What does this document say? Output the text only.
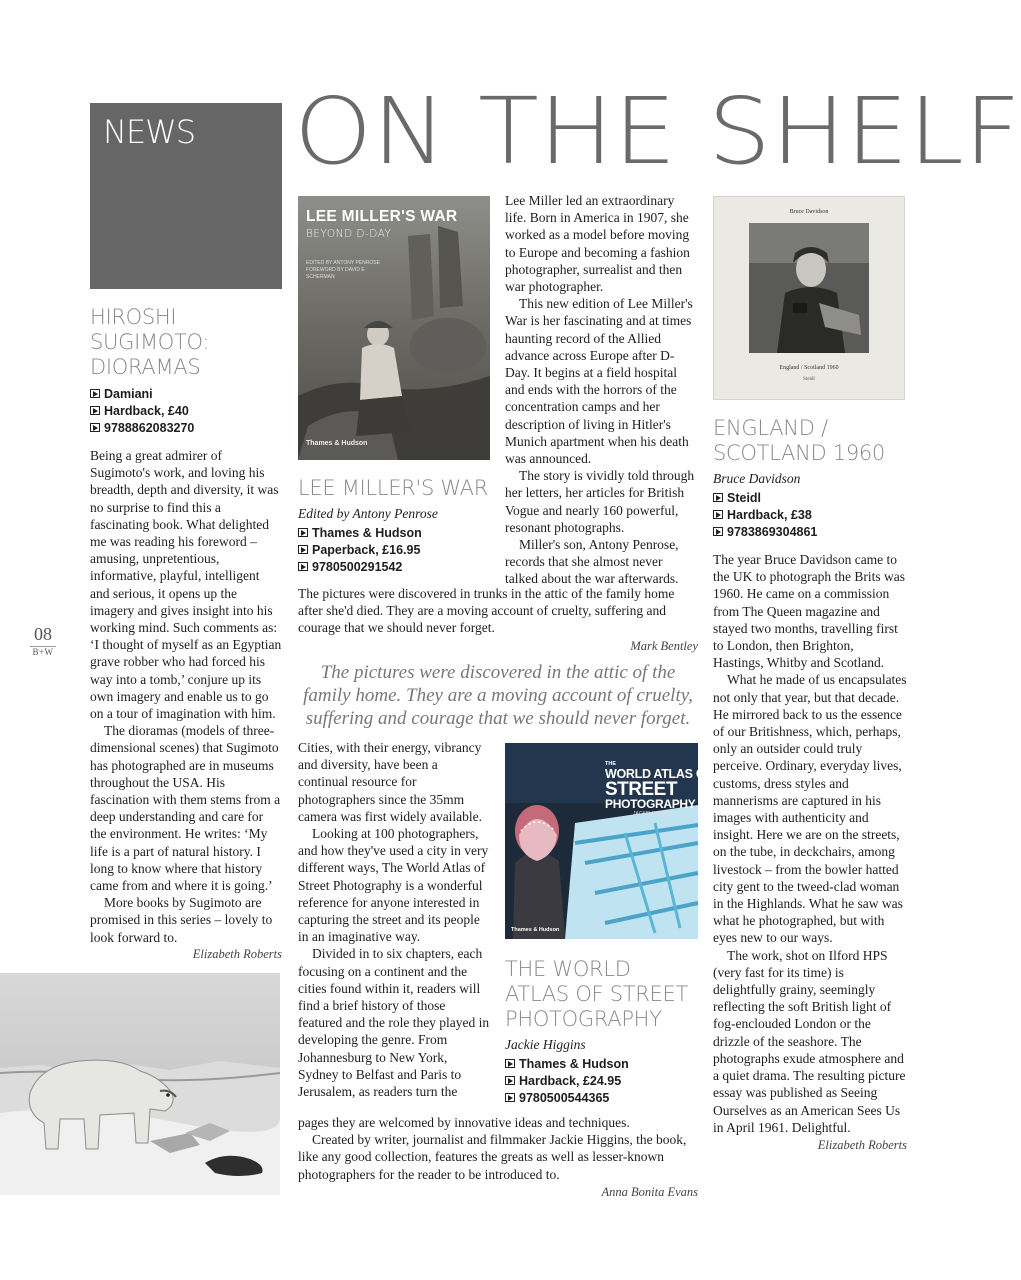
NEWS ON THE SHELF
08
B+W
HIROSHI SUGIMOTO:
DIORAMAS
Damiani
Hardback, £40
9788862083270

Being a great admirer of Sugimoto's work, and loving his breadth, depth and diversity, it was no surprise to find this a fascinating book. What delighted me was reading his foreword – amusing, unpretentious, informative, playful, intelligent and serious, it opens up the imagery and gives insight into his working mind. Such comments as: ‘I thought of myself as an Egyptian grave robber who had forced his way into a tomb,’ conjure up its own imagery and enable us to go on a tour of imagination with him.

The dioramas (models of three-dimensional scenes) that Sugimoto has photographed are in museums throughout the USA. His fascination with them stems from a deep understanding and care for the environment. He writes: ‘My life is a part of natural history. I long to know where that history came from and where it is going.’

More books by Sugimoto are promised in this series – lovely to look forward to.

Elizabeth Roberts
LEE MILLER'S WAR
BEYOND D-DAY
EDITED BY ANTONY PENROSE
FOREWORD BY DAVID E SCHERMAN
Thames & Hudson
LEE MILLER'S WAR
Edited by Antony Penrose
Thames & Hudson
Paperback, £16.95
9780500291542

Lee Miller led an extraordinary life. Born in America in 1907, she worked as a model before moving to Europe and becoming a fashion photographer, surrealist and then war photographer.

This new edition of Lee Miller's War is her fascinating and at times haunting record of the Allied advance across Europe after D-Day. It begins at a field hospital and ends with the horrors of the concentration camps and her description of living in Hitler's Munich apartment when his death was announced.

The story is vividly told through her letters, her articles for British Vogue and nearly 160 powerful, resonant photographs.

Miller's son, Antony Penrose, records that she almost never talked about the war afterwards.

The pictures were discovered in trunks in the attic of the family home after she'd died. They are a moving account of cruelty, suffering and courage that we should never forget.

Mark Bentley
The pictures were discovered in the attic of the family home. They are a moving account of cruelty, suffering and courage that we should never forget.

Cities, with their energy, vibrancy and diversity, have been a continual resource for photographers since the 35mm camera was first widely available.

Looking at 100 photographers, and how they've used a city in very different ways, The World Atlas of Street Photography is a wonderful reference for anyone interested in capturing the street and its people in an imaginative way.

Divided in to six chapters, each focusing on a continent and the cities found within it, readers will find a brief history of those featured and the role they played in developing the genre. From Johannesburg to New York, Sydney to Belfast and Paris to Jerusalem, as readers turn the

THE
WORLD ATLAS OF
STREET
PHOTOGRAPHY
JACKIE HIGGINS
Thames & Hudson
THE WORLD
ATLAS OF STREET
PHOTOGRAPHY
Jackie Higgins
Thames & Hudson
Hardback, £24.95
9780500544365

pages they are welcomed by innovative ideas and techniques.

Created by writer, journalist and filmmaker Jackie Higgins, the book, like any good collection, features the greats as well as lesser-known photographers for the reader to be introduced to.

Anna Bonita Evans
Bruce Davidson
England / Scotland 1960
Steidl
ENGLAND /
SCOTLAND 1960
Bruce Davidson
Steidl
Hardback, £38
9783869304861

The year Bruce Davidson came to the UK to photograph the Brits was 1960. He came on a commission from The Queen magazine and stayed two months, travelling first to London, then Brighton, Hastings, Whitby and Scotland.

What he made of us encapsulates not only that year, but that decade. He mirrored back to us the essence of our Britishness, which, perhaps, only an outsider could truly perceive. Ordinary, everyday lives, customs, dress styles and mannerisms are captured in his images with authenticity and insight. Here we are on the streets, on the tube, in deckchairs, among livestock – from the bowler hatted city gent to the tweed-clad woman in the Highlands. What he saw was what he photographed, but with eyes new to our ways.

The work, shot on Ilford HPS (very fast for its time) is delightfully grainy, seemingly reflecting the soft British light of fog-enclouded London or the drizzle of the seashore. The photographs exude atmosphere and a quiet drama. The resulting picture essay was published as Seeing Ourselves as an American Sees Us in April 1961. Delightful.

Elizabeth Roberts
